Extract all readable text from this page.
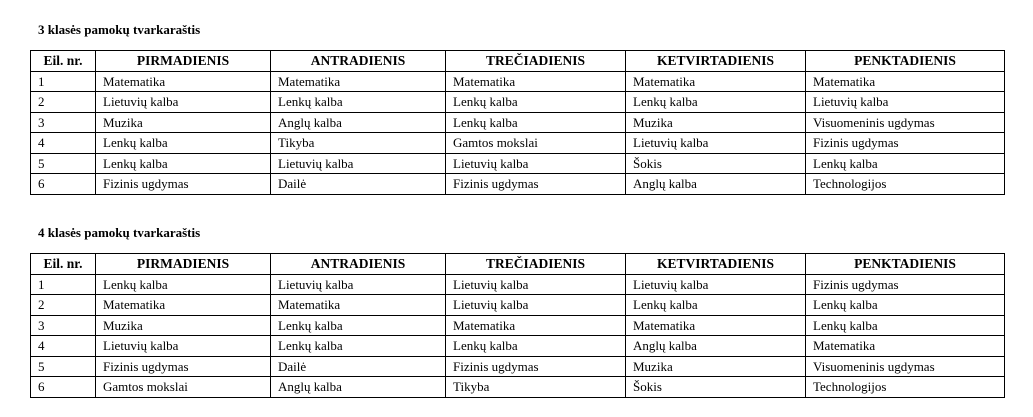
3 klasės pamokų tvarkaraštis
Eil. nr.	PIRMADIENIS	ANTRADIENIS	TREČIADIENIS	KETVIRTADIENIS	PENKTADIENIS
1	Matematika	Matematika	Matematika	Matematika	Matematika
2	Lietuvių kalba	Lenkų kalba	Lenkų kalba	Lenkų kalba	Lietuvių kalba
3	Muzika	Anglų kalba	Lenkų kalba	Muzika	Visuomeninis ugdymas
4	Lenkų kalba	Tikyba	Gamtos mokslai	Lietuvių kalba	Fizinis ugdymas
5	Lenkų kalba	Lietuvių kalba	Lietuvių kalba	Šokis	Lenkų kalba
6	Fizinis ugdymas	Dailė	Fizinis ugdymas	Anglų kalba	Technologijos
4 klasės pamokų tvarkaraštis
Eil. nr.	PIRMADIENIS	ANTRADIENIS	TREČIADIENIS	KETVIRTADIENIS	PENKTADIENIS
1	Lenkų kalba	Lietuvių kalba	Lietuvių kalba	Lietuvių kalba	Fizinis ugdymas
2	Matematika	Matematika	Lietuvių kalba	Lenkų kalba	Lenkų kalba
3	Muzika	Lenkų kalba	Matematika	Matematika	Lenkų kalba
4	Lietuvių kalba	Lenkų kalba	Lenkų kalba	Anglų kalba	Matematika
5	Fizinis ugdymas	Dailė	Fizinis ugdymas	Muzika	Visuomeninis ugdymas
6	Gamtos mokslai	Anglų kalba	Tikyba	Šokis	Technologijos
